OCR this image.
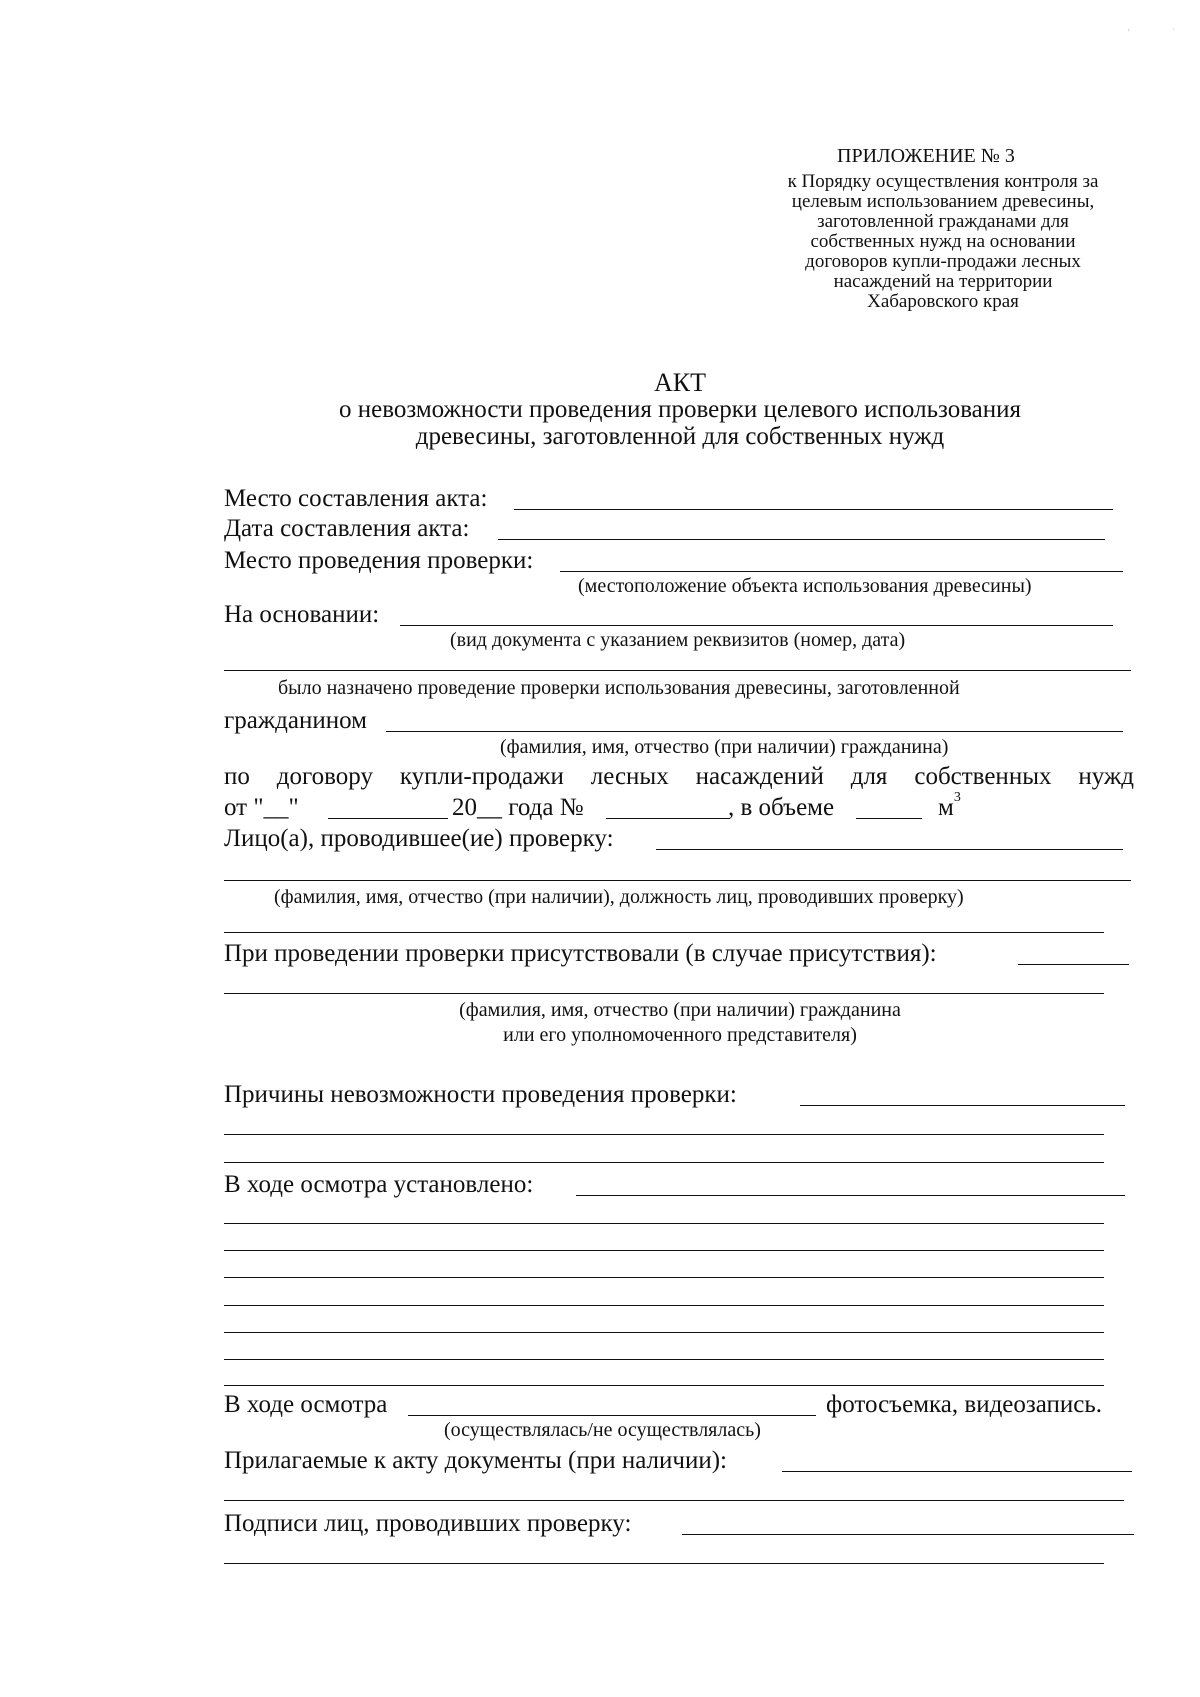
'	`
ПРИЛОЖЕНИЕ № 3
к Порядку осуществления контроля за
целевым использованием древесины,
заготовленной гражданами для
собственных нужд на основании
договоров купли-продажи лесных
насаждений на территории
Хабаровского края
АКТ
о невозможности проведения проверки целевого использования
древесины, заготовленной для собственных нужд
Место составления акта:
Дата составления акта:
Место проведения проверки:
(местоположение объекта использования древесины)
На основании:
(вид документа с указанием реквизитов (номер, дата)
было назначено проведение проверки использования древесины, заготовленной
гражданином
(фамилия, имя, отчество (при наличии) гражданина)
по договору купли-продажи лесных насаждений для собственных нужд
от "__"	20__ года №	, в объеме	$м^3$
Лицо(а), проводившее(ие) проверку:
(фамилия, имя, отчество (при наличии), должность лиц, проводивших проверку)
При проведении проверки присутствовали (в случае присутствия):
(фамилия, имя, отчество (при наличии) гражданина
или его уполномоченного представителя)
Причины невозможности проведения проверки:
В ходе осмотра установлено:
В ходе осмотра	фотосъемка, видеозапись.
(осуществлялась/не осуществлялась)
Прилагаемые к акту документы (при наличии):
Подписи лиц, проводивших проверку:
